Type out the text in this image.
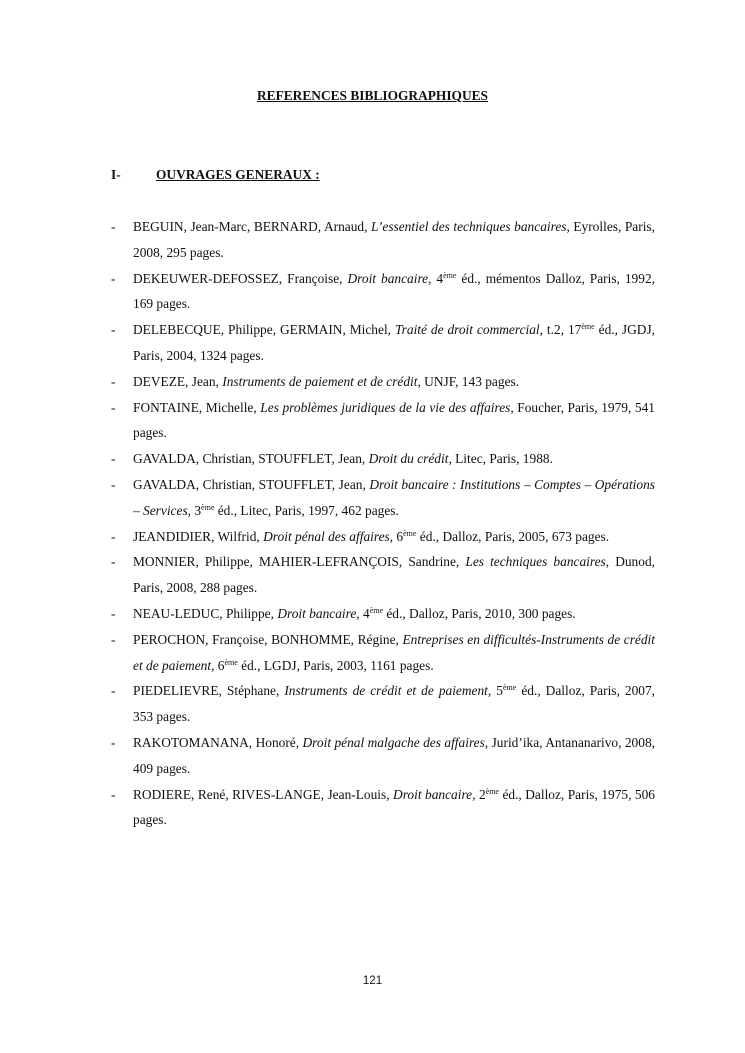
REFERENCES BIBLIOGRAPHIQUES
I-	OUVRAGES GENERAUX :
- BEGUIN, Jean-Marc, BERNARD, Arnaud, L’essentiel des techniques bancaires, Eyrolles, Paris, 2008, 295 pages.
- DEKEUWER-DEFOSSEZ, Françoise, Droit bancaire, 4ème éd., mémentos Dalloz, Paris, 1992, 169 pages.
- DELEBECQUE, Philippe, GERMAIN, Michel, Traité de droit commercial, t.2, 17ème éd., JGDJ, Paris, 2004, 1324 pages.
- DEVEZE, Jean, Instruments de paiement et de crédit, UNJF, 143 pages.
- FONTAINE, Michelle, Les problèmes juridiques de la vie des affaires, Foucher, Paris, 1979, 541 pages.
- GAVALDA, Christian, STOUFFLET, Jean, Droit du crédit, Litec, Paris, 1988.
- GAVALDA, Christian, STOUFFLET, Jean, Droit bancaire : Institutions – Comptes – Opérations – Services, 3ème éd., Litec, Paris, 1997, 462 pages.
- JEANDIDIER, Wilfrid, Droit pénal des affaires, 6ème éd., Dalloz, Paris, 2005, 673 pages.
- MONNIER, Philippe, MAHIER-LEFRANÇOIS, Sandrine, Les techniques bancaires, Dunod, Paris, 2008, 288 pages.
- NEAU-LEDUC, Philippe, Droit bancaire, 4ème éd., Dalloz, Paris, 2010, 300 pages.
- PEROCHON, Françoise, BONHOMME, Régine, Entreprises en difficultés-Instruments de crédit et de paiement, 6ème éd., LGDJ, Paris, 2003, 1161 pages.
- PIEDELIEVRE, Stéphane, Instruments de crédit et de paiement, 5ème éd., Dalloz, Paris, 2007, 353 pages.
- RAKOTOMANANA, Honoré, Droit pénal malgache des affaires, Jurid’ika, Antananarivo, 2008, 409 pages.
- RODIERE, René, RIVES-LANGE, Jean-Louis, Droit bancaire, 2ème éd., Dalloz, Paris, 1975, 506 pages.
121
